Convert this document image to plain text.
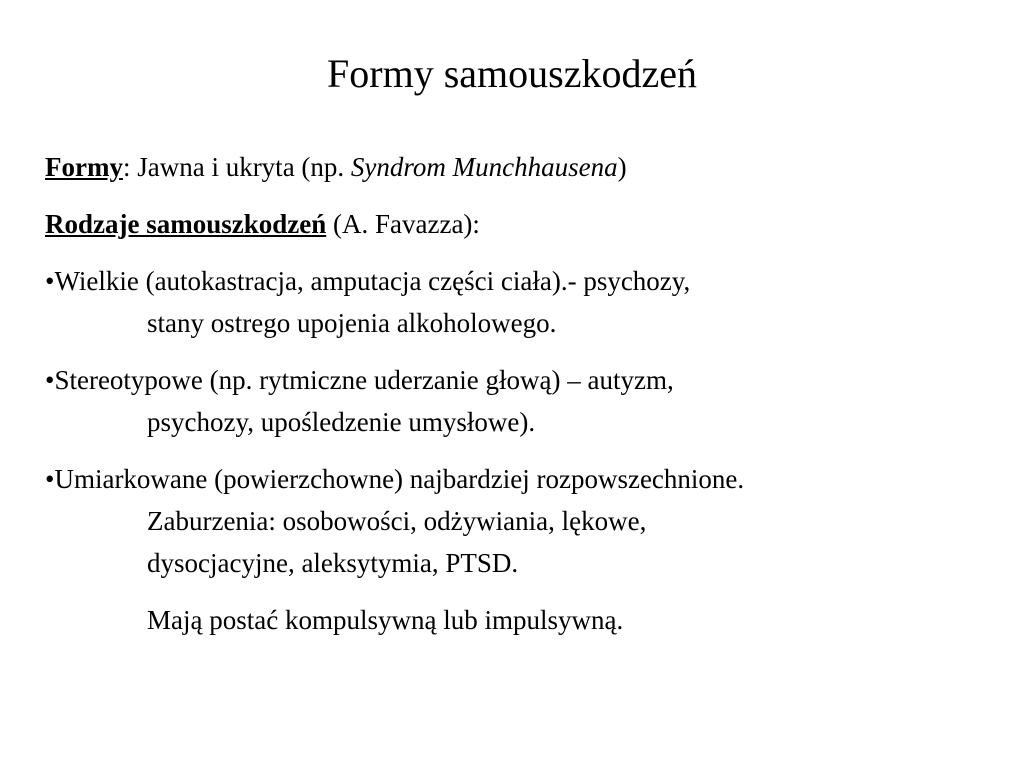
Formy samouszkodzeń
Formy: Jawna i ukryta (np. Syndrom Munchhausena)
Rodzaje samouszkodzeń (A. Favazza):
•Wielkie (autokastracja, amputacja części ciała).- psychozy,
stany ostrego upojenia alkoholowego.
•Stereotypowe (np. rytmiczne uderzanie głową) – autyzm,
psychozy, upośledzenie umysłowe).
•Umiarkowane (powierzchowne) najbardziej rozpowszechnione.
Zaburzenia: osobowości, odżywiania, lękowe,
dysocjacyjne, aleksytymia, PTSD.
Mają postać kompulsywną lub impulsywną.
